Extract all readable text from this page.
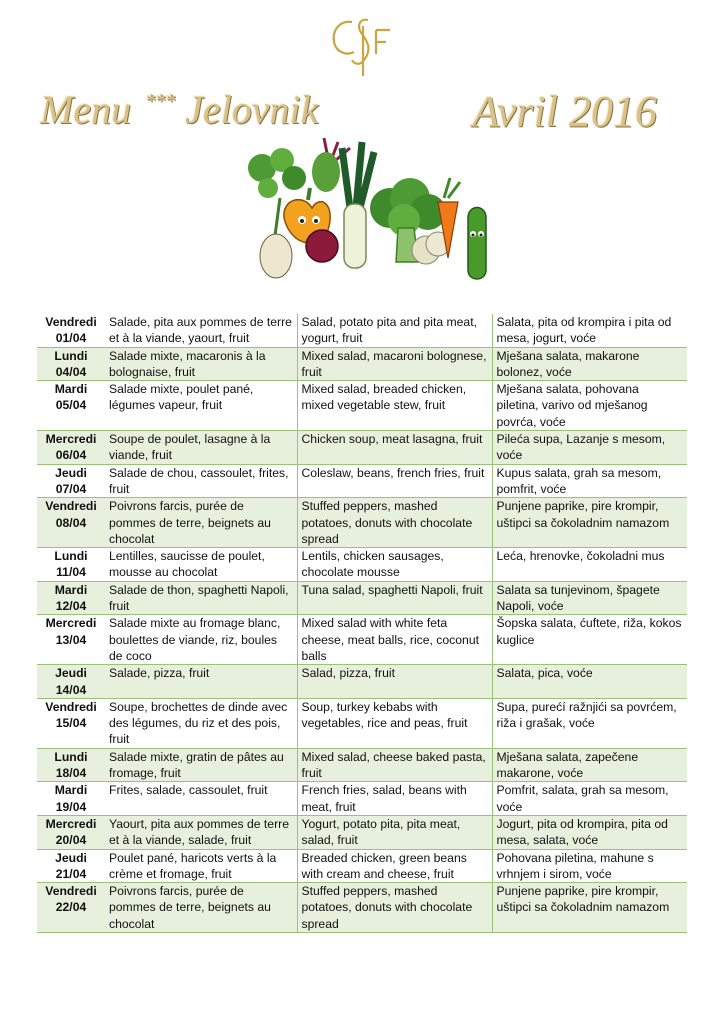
CSF
Menu *** Jelovnik	Avril 2016
Vendredi
01/04	Salade, pita aux pommes de terre et à la viande, yaourt, fruit	Salad, potato pita and pita meat, yogurt, fruit	Salata, pita od krompira i pita od mesa, jogurt, voće

Lundi
04/04	Salade mixte, macaronis à la bolognaise, fruit	Mixed salad, macaroni bolognese, fruit	Mješana salata, makarone bolonez, voće

Mardi
05/04	Salade mixte, poulet pané, légumes vapeur, fruit	Mixed salad, breaded chicken, mixed vegetable stew, fruit	Mješana salata, pohovana piletina, varivo od mješanog povrća, voće

Mercredi
06/04	Soupe de poulet, lasagne à la viande, fruit	Chicken soup, meat lasagna, fruit	Pileća supa, Lazanje s mesom, voće

Jeudi
07/04	Salade de chou, cassoulet, frites, fruit	Coleslaw, beans, french fries, fruit	Kupus salata, grah sa mesom, pomfrit, voće

Vendredi
08/04	Poivrons farcis, purée de pommes de terre, beignets au chocolat	Stuffed peppers, mashed potatoes, donuts with chocolate spread	Punjene paprike, pire krompir, uštipci sa čokoladnim namazom

Lundi
11/04	Lentilles, saucisse de poulet, mousse au chocolat	Lentils, chicken sausages, chocolate mousse	Leća, hrenovke, čokoladni mus

Mardi
12/04	Salade de thon, spaghetti Napoli, fruit	Tuna salad, spaghetti Napoli, fruit	Salata sa tunjevinom, špagete Napoli, voće

Mercredi
13/04	Salade mixte au fromage blanc, boulettes de viande, riz, boules de coco	Mixed salad with white feta cheese, meat balls, rice, coconut balls	Šopska salata, ćuftete, riža, kokos kuglice

Jeudi
14/04	Salade, pizza, fruit	Salad, pizza, fruit	Salata, pica, voće

Vendredi
15/04	Soupe, brochettes de dinde avec des légumes, du riz et des pois, fruit	Soup, turkey kebabs with vegetables, rice and peas, fruit	Supa, purećí ražnjići sa povrćem, riža i grašak, voće

Lundi
18/04	Salade mixte, gratin de pâtes au fromage, fruit	Mixed salad, cheese baked pasta, fruit	Mješana salata, zapečene makarone, voće

Mardi
19/04	Frites, salade, cassoulet, fruit	French fries, salad, beans with meat, fruit	Pomfrit, salata, grah sa mesom, voće

Mercredi
20/04	Yaourt, pita aux pommes de terre et à la viande, salade, fruit	Yogurt, potato pita, pita meat, salad, fruit	Jogurt, pita od krompira, pita od mesa, salata, voće

Jeudi
21/04	Poulet pané, haricots verts à la crème et fromage, fruit	Breaded chicken, green beans with cream and cheese, fruit	Pohovana piletina, mahune s vrhnjem i sirom, voće

Vendredi
22/04	Poivrons farcis, purée de pommes de terre, beignets au chocolat	Stuffed peppers, mashed potatoes, donuts with chocolate spread	Punjene paprike, pire krompir, uštipci sa čokoladnim namazom
